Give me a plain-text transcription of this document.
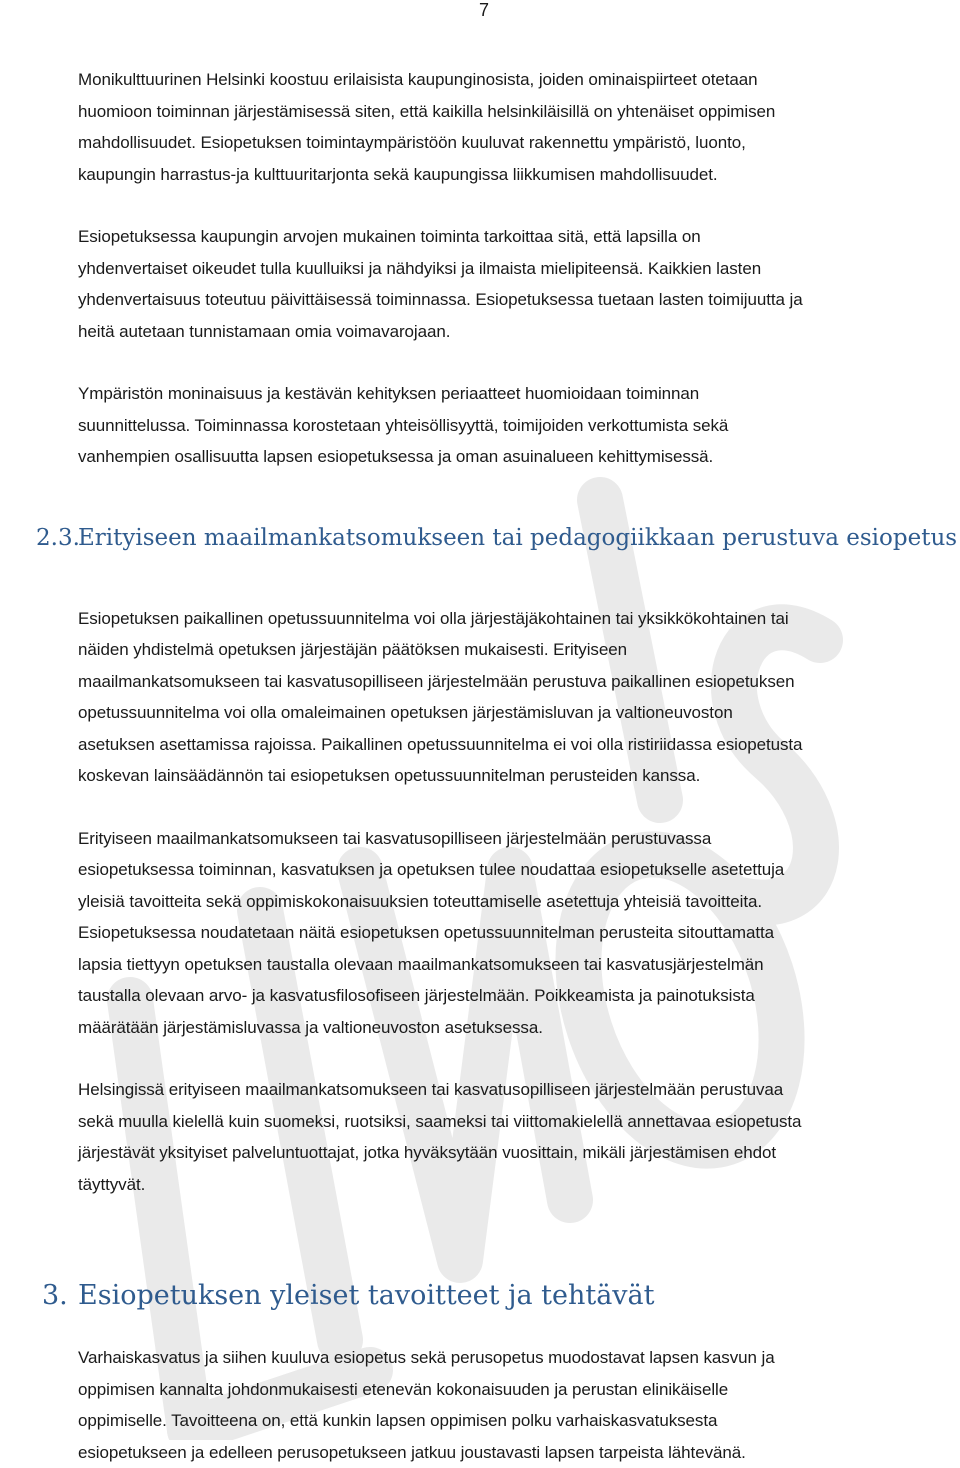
7

Monikulttuurinen Helsinki koostuu erilaisista kaupunginosista, joiden ominaispiirteet otetaan
huomioon toiminnan järjestämisessä siten, että kaikilla helsinkiläisillä on yhtenäiset oppimisen
mahdollisuudet. Esiopetuksen toimintaympäristöön kuuluvat rakennettu ympäristö, luonto,
kaupungin harrastus-ja kulttuuritarjonta sekä kaupungissa liikkumisen mahdollisuudet.

Esiopetuksessa kaupungin arvojen mukainen toiminta tarkoittaa sitä, että lapsilla on
yhdenvertaiset oikeudet tulla kuulluiksi ja nähdyiksi ja ilmaista mielipiteensä. Kaikkien lasten
yhdenvertaisuus toteutuu päivittäisessä toiminnassa. Esiopetuksessa tuetaan lasten toimijuutta ja
heitä autetaan tunnistamaan omia voimavarojaan.

Ympäristön moninaisuus ja kestävän kehityksen periaatteet huomioidaan toiminnan
suunnittelussa. Toiminnassa korostetaan yhteisöllisyyttä, toimijoiden verkottumista sekä
vanhempien osallisuutta lapsen esiopetuksessa ja oman asuinalueen kehittymisessä.

2.3.
Erityiseen maailmankatsomukseen tai pedagogiikkaan perustuva esiopetus

Esiopetuksen paikallinen opetussuunnitelma voi olla järjestäjäkohtainen tai yksikkökohtainen tai
näiden yhdistelmä opetuksen järjestäjän päätöksen mukaisesti. Erityiseen
maailmankatsomukseen tai kasvatusopilliseen järjestelmään perustuva paikallinen esiopetuksen
opetussuunnitelma voi olla omaleimainen opetuksen järjestämisluvan ja valtioneuvoston
asetuksen asettamissa rajoissa. Paikallinen opetussuunnitelma ei voi olla ristiriidassa esiopetusta
koskevan lainsäädännön tai esiopetuksen opetussuunnitelman perusteiden kanssa.

Erityiseen maailmankatsomukseen tai kasvatusopilliseen järjestelmään perustuvassa
esiopetuksessa toiminnan, kasvatuksen ja opetuksen tulee noudattaa esiopetukselle asetettuja
yleisiä tavoitteita sekä oppimiskokonaisuuksien toteuttamiselle asetettuja yhteisiä tavoitteita.
Esiopetuksessa noudatetaan näitä esiopetuksen opetussuunnitelman perusteita sitouttamatta
lapsia tiettyyn opetuksen taustalla olevaan maailmankatsomukseen tai kasvatusjärjestelmän
taustalla olevaan arvo- ja kasvatusfilosofiseen järjestelmään. Poikkeamista ja painotuksista
määrätään järjestämisluvassa ja valtioneuvoston asetuksessa.

Helsingissä erityiseen maailmankatsomukseen tai kasvatusopilliseen järjestelmään perustuvaa
sekä muulla kielellä kuin suomeksi, ruotsiksi, saameksi tai viittomakielellä annettavaa esiopetusta
järjestävät yksityiset palveluntuottajat, jotka hyväksytään vuosittain, mikäli järjestämisen ehdot
täyttyvät.

3. Esiopetuksen yleiset tavoitteet ja tehtävät

Varhaiskasvatus ja siihen kuuluva esiopetus sekä perusopetus muodostavat lapsen kasvun ja
oppimisen kannalta johdonmukaisesti etenevän kokonaisuuden ja perustan elinikäiselle
oppimiselle. Tavoitteena on, että kunkin lapsen oppimisen polku varhaiskasvatuksesta
esiopetukseen ja edelleen perusopetukseen jatkuu joustavasti lapsen tarpeista lähtevänä.
